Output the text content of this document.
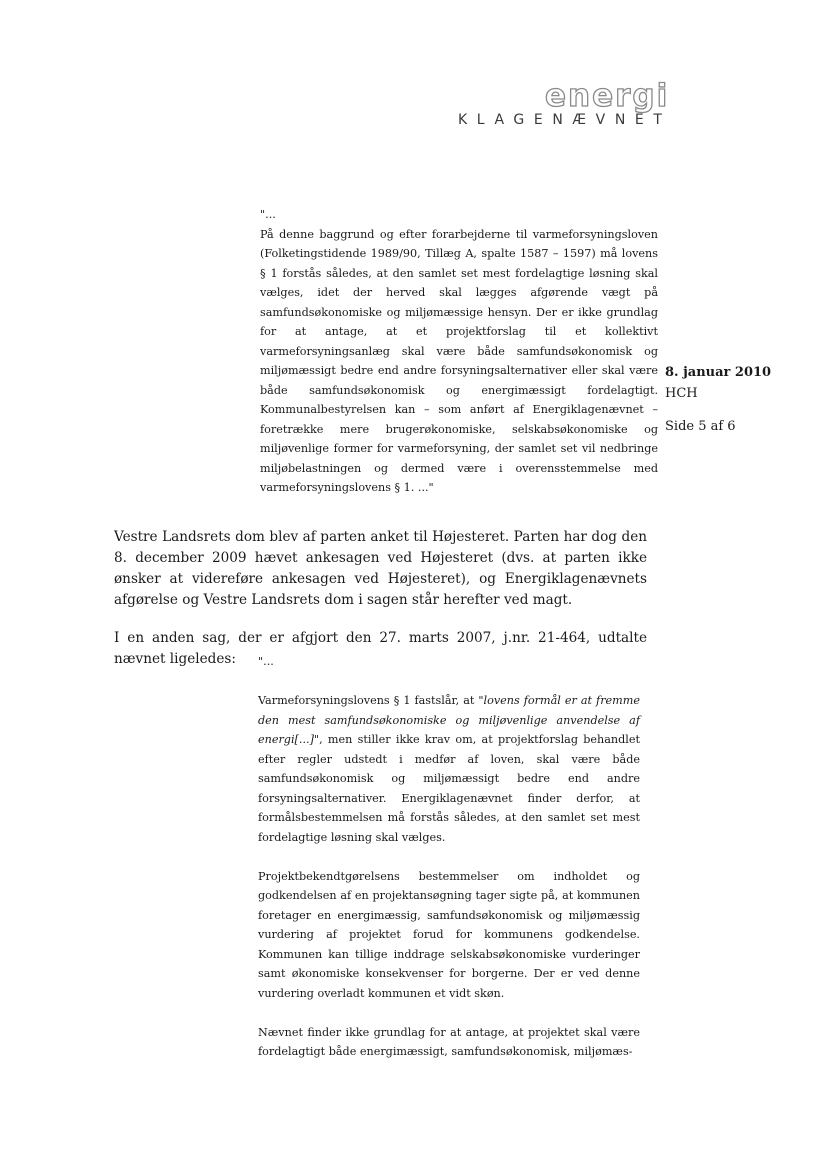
energi
KLAGENÆVNET
8. januar 2010
HCH
Side 5 af 6

"...

På denne baggrund og efter forarbejderne til varmeforsyningsloven (Folketingstidende 1989/90, Tillæg A, spalte 1587 – 1597) må lovens § 1 forstås således, at den samlet set mest fordelagtige løsning skal vælges, idet der herved skal lægges afgørende vægt på samfundsøkonomiske og miljømæssige hensyn. Der er ikke grundlag for at antage, at et projektforslag til et kollektivt varmeforsyningsanlæg skal være både samfundsøkonomisk og miljømæssigt bedre end andre forsyningsalternativer eller skal være både samfundsøkonomisk og energimæssigt fordelagtigt. Kommunalbestyrelsen kan – som anført af Energiklagenævnet – foretrække mere brugerøkonomiske, selskabsøkonomiske og miljøvenlige former for varmeforsyning, der samlet set vil nedbringe miljøbelastningen og dermed være i overensstemmelse med varmeforsyningslovens § 1. ..."

Vestre Landsrets dom blev af parten anket til Højesteret. Parten har dog den 8. december 2009 hævet ankesagen ved Højesteret (dvs. at parten ikke ønsker at videreføre ankesagen ved Højesteret), og Energiklagenævnets afgørelse og Vestre Landsrets dom i sagen står herefter ved magt.

I en anden sag, der er afgjort den 27. marts 2007, j.nr. 21-464, udtalte nævnet ligeledes:	"...

Varmeforsyningslovens § 1 fastslår, at "lovens formål er at fremme den mest samfundsøkonomiske og miljøvenlige anvendelse af energi[...]", men stiller ikke krav om, at projektforslag behandlet efter regler udstedt i medfør af loven, skal være både samfundsøkonomisk og miljømæssigt bedre end andre forsyningsalternativer. Energiklagenævnet finder derfor, at formålsbestemmelsen må forstås således, at den samlet set mest fordelagtige løsning skal vælges.

Projektbekendtgørelsens bestemmelser om indholdet og godkendelsen af en projektansøgning tager sigte på, at kommunen foretager en energimæssig, samfundsøkonomisk og miljømæssig vurdering af projektet forud for kommunens godkendelse. Kommunen kan tillige inddrage selskabsøkonomiske vurderinger samt økonomiske konsekvenser for borgerne. Der er ved denne vurdering overladt kommunen et vidt skøn.

Nævnet finder ikke grundlag for at antage, at projektet skal være fordelagtigt både energimæssigt, samfundsøkonomisk, miljømæs-
